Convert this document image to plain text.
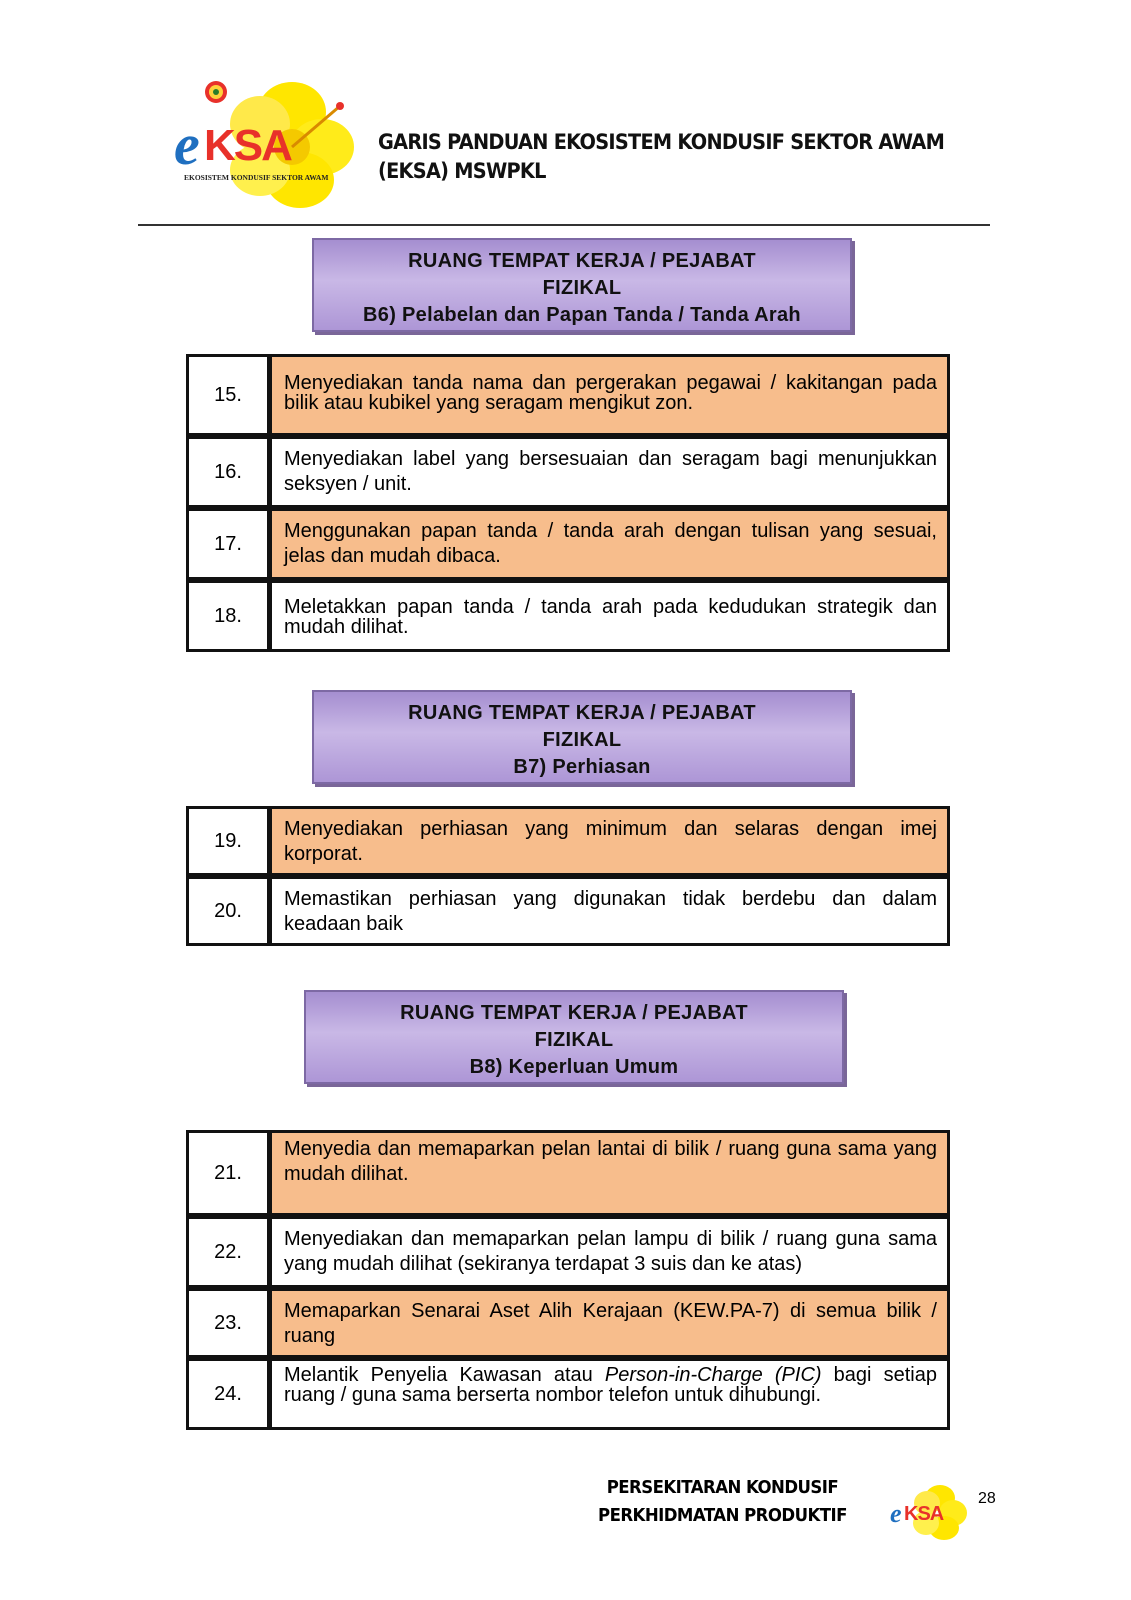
e KSA
EKOSISTEM KONDUSIF SEKTOR AWAM
GARIS PANDUAN EKOSISTEM KONDUSIF SEKTOR AWAM
(EKSA) MSWPKL
RUANG TEMPAT KERJA / PEJABAT
FIZIKAL
B6) Pelabelan dan Papan Tanda / Tanda Arah
15.
Menyediakan tanda nama dan pergerakan pegawai / kakitangan pada bilik atau kubikel yang seragam mengikut zon.
16.
Menyediakan label yang bersesuaian dan seragam bagi menunjukkan seksyen / unit.
17.
Menggunakan papan tanda / tanda arah dengan tulisan yang sesuai, jelas dan mudah dibaca.
18.	Meletakkan papan tanda / tanda arah pada kedudukan strategik dan mudah dilihat.
RUANG TEMPAT KERJA / PEJABAT
FIZIKAL
B7) Perhiasan
19.
Menyediakan perhiasan yang minimum dan selaras dengan imej korporat.
20.
Memastikan perhiasan yang digunakan tidak berdebu dan dalam keadaan baik
RUANG TEMPAT KERJA / PEJABAT
FIZIKAL
B8) Keperluan Umum
21.
Menyedia dan memaparkan pelan lantai di bilik / ruang guna sama yang mudah dilihat.
22.
Menyediakan dan memaparkan pelan lampu di bilik / ruang guna sama yang mudah dilihat (sekiranya terdapat 3 suis dan ke atas)
23.
Memaparkan Senarai Aset Alih Kerajaan (KEW.PA-7) di semua bilik / ruang
24.
Melantik Penyelia Kawasan atau Person-in-Charge (PIC) bagi setiap ruang / guna sama berserta nombor telefon untuk dihubungi.
PERSEKITARAN KONDUSIF
PERKHIDMATAN PRODUKTIF e KSA
28
